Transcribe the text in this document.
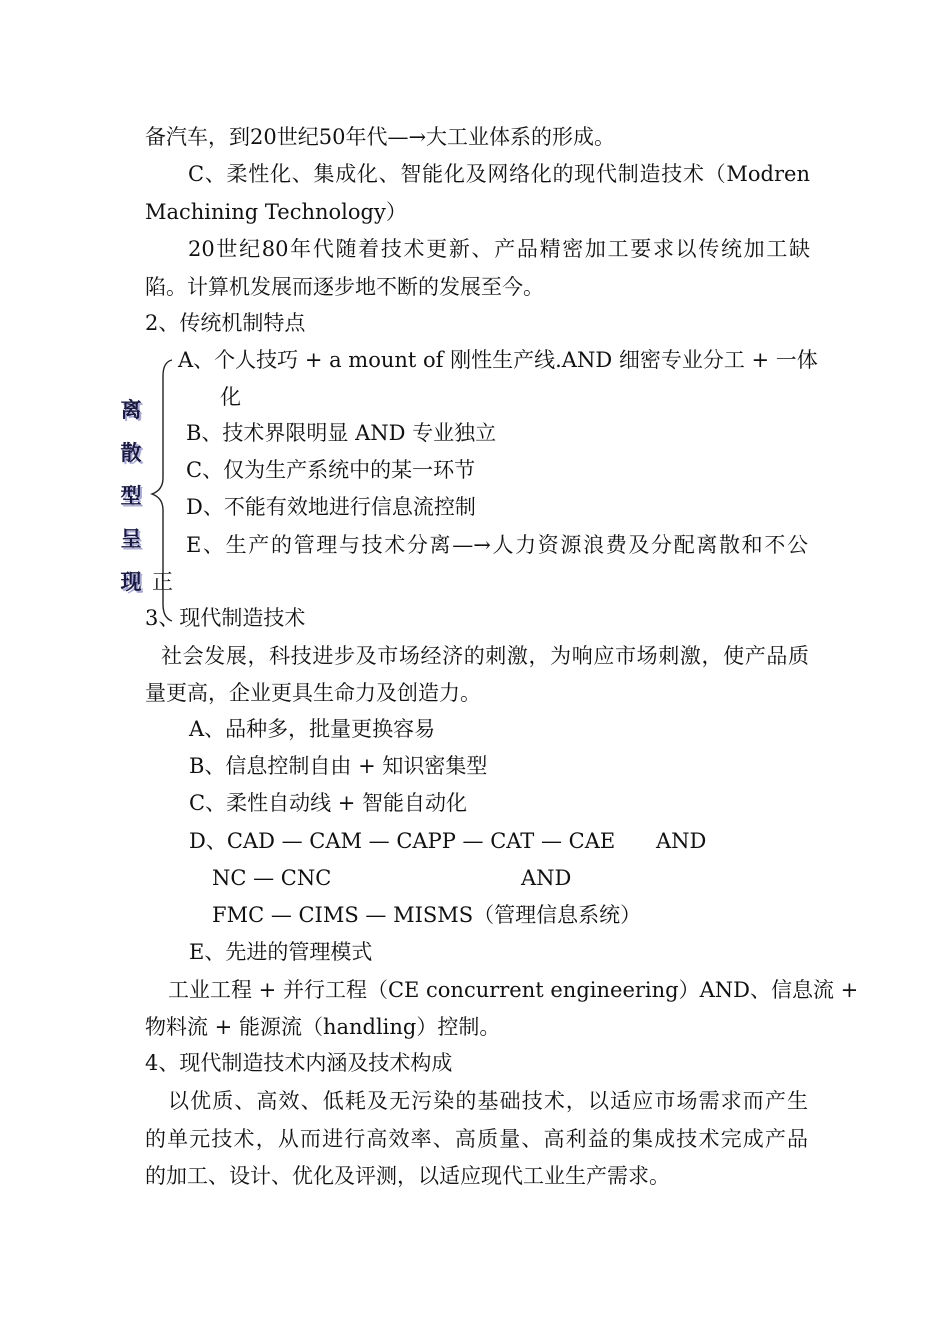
备汽车，到20世纪50年代—→大工业体系的形成。
C、柔性化、集成化、智能化及网络化的现代制造技术（Modren
Machining Technology）
20世纪80年代随着技术更新、产品精密加工要求以传统加工缺
陷。计算机发展而逐步地不断的发展至今。
2、传统机制特点
A、个人技巧 + a mount of 刚性生产线.AND 细密专业分工 + 一体
化
B、技术界限明显 AND 专业独立
C、仅为生产系统中的某一环节
D、不能有效地进行信息流控制
E、生产的管理与技术分离—→人力资源浪费及分配离散和不公
正
离
散
型
呈
现
3、现代制造技术
社会发展，科技进步及市场经济的刺激，为响应市场刺激，使产品质
量更高，企业更具生命力及创造力。
A、品种多，批量更换容易
B、信息控制自由 + 知识密集型
C、柔性自动线 + 智能自动化
D、CAD — CAM — CAPP — CAT — CAE	AND
NC — CNC	AND
FMC — CIMS — MISMS（管理信息系统）
E、先进的管理模式
工业工程 + 并行工程（CE concurrent engineering）AND、信息流 +
物料流 + 能源流（handling）控制。
4、现代制造技术内涵及技术构成
以优质、高效、低耗及无污染的基础技术，以适应市场需求而产生
的单元技术，从而进行高效率、高质量、高利益的集成技术完成产品
的加工、设计、优化及评测，以适应现代工业生产需求。
